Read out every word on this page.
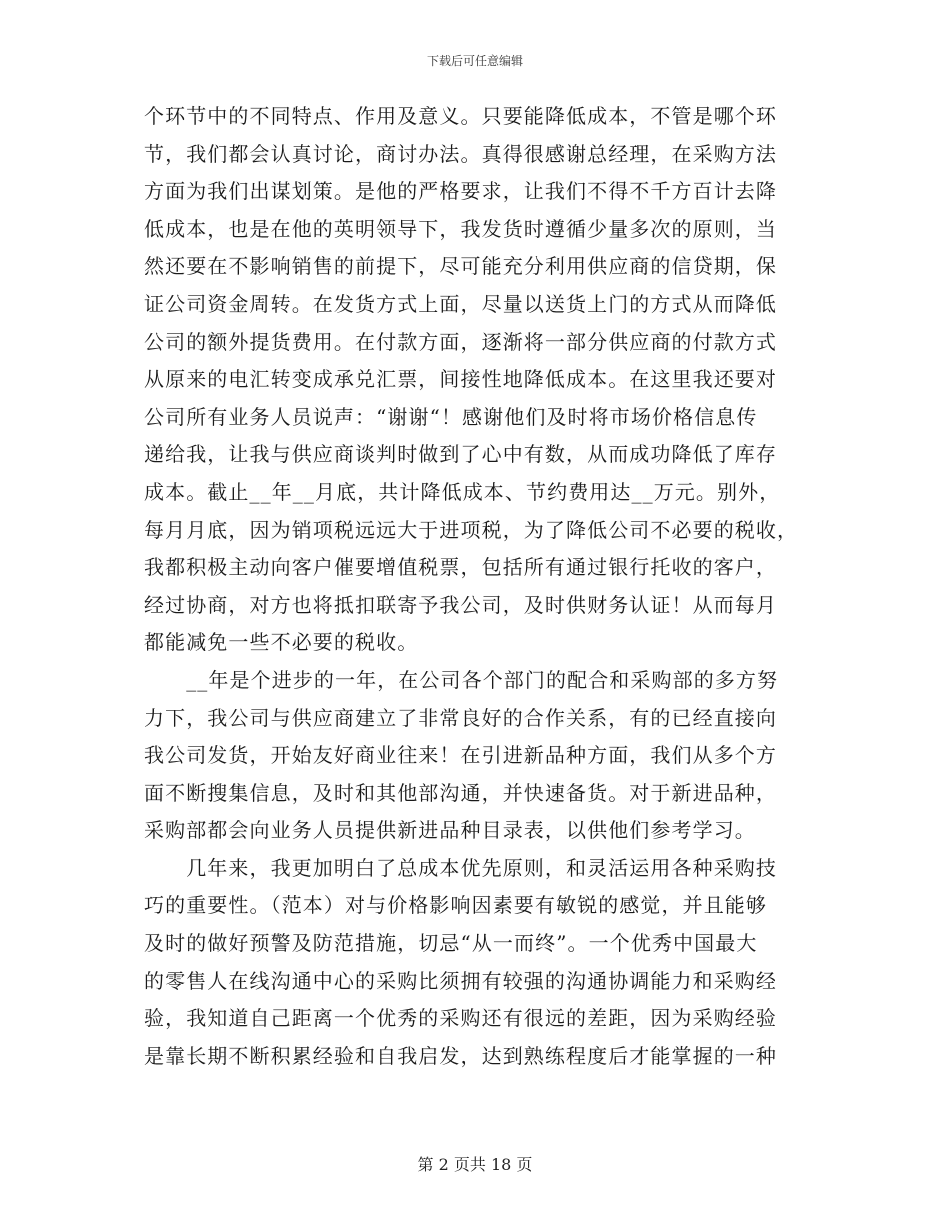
下载后可任意编辑
个环节中的不同特点、作用及意义。只要能降低成本，不管是哪个环
节，我们都会认真讨论，商讨办法。真得很感谢总经理，在采购方法
方面为我们出谋划策。是他的严格要求，让我们不得不千方百计去降
低成本，也是在他的英明领导下，我发货时遵循少量多次的原则，当
然还要在不影响销售的前提下，尽可能充分利用供应商的信贷期，保
证公司资金周转。在发货方式上面，尽量以送货上门的方式从而降低
公司的额外提货费用。在付款方面，逐渐将一部分供应商的付款方式
从原来的电汇转变成承兑汇票，间接性地降低成本。在这里我还要对
公司所有业务人员说声：“谢谢“！感谢他们及时将市场价格信息传
递给我，让我与供应商谈判时做到了心中有数，从而成功降低了库存
成本。截止__年__月底，共计降低成本、节约费用达__万元。别外，
每月月底，因为销项税远远大于进项税，为了降低公司不必要的税收，
我都积极主动向客户催要增值税票，包括所有通过银行托收的客户，
经过协商，对方也将抵扣联寄予我公司，及时供财务认证！从而每月
都能减免一些不必要的税收。
　　__年是个进步的一年，在公司各个部门的配合和采购部的多方努
力下，我公司与供应商建立了非常良好的合作关系，有的已经直接向
我公司发货，开始友好商业往来！在引进新品种方面，我们从多个方
面不断搜集信息，及时和其他部沟通，并快速备货。对于新进品种，
采购部都会向业务人员提供新进品种目录表，以供他们参考学习。
　　几年来，我更加明白了总成本优先原则，和灵活运用各种采购技
巧的重要性。（范本）对与价格影响因素要有敏锐的感觉，并且能够
及时的做好预警及防范措施，切忌“从一而终”。一个优秀中国最大
的零售人在线沟通中心的采购比须拥有较强的沟通协调能力和采购经
验，我知道自己距离一个优秀的采购还有很远的差距，因为采购经验
是靠长期不断积累经验和自我启发，达到熟练程度后才能掌握的一种
第 2 页共 18 页
